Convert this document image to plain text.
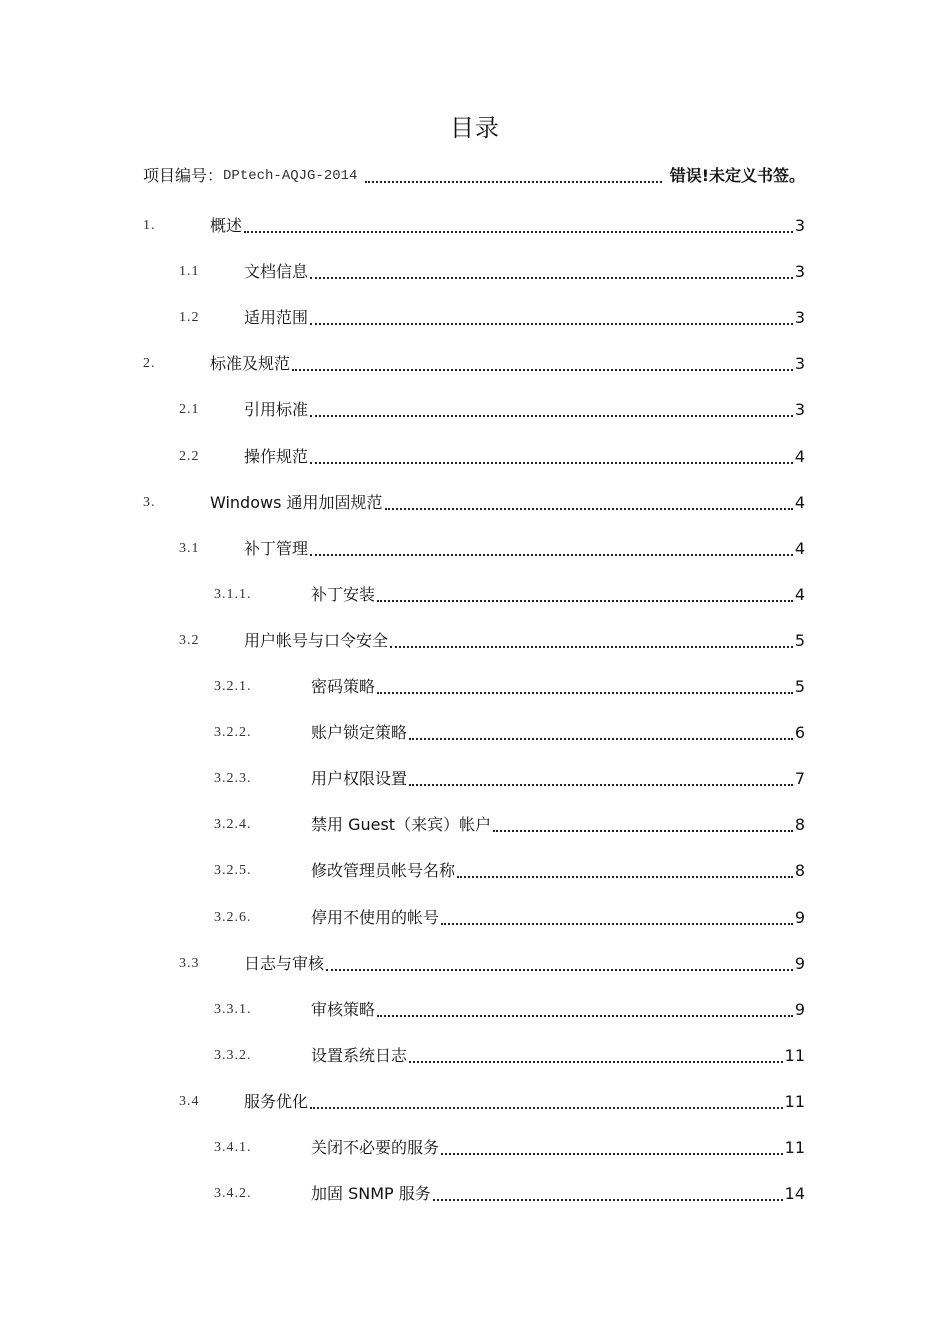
目录
项目编号： DPtech-AQJG-2014	错误!未定义书签。
1.	概述	3
1.1	文档信息	3
1.2	适用范围	3
2.	标准及规范	3
2.1	引用标准	3
2.2	操作规范	4
3.	Windows 通用加固规范	4
3.1	补丁管理	4
3.1.1.	补丁安装	4
3.2	用户帐号与口令安全	5
3.2.1.	密码策略	5
3.2.2.	账户锁定策略	6
3.2.3.	用户权限设置	7
3.2.4.	禁用 Guest（来宾）帐户	8
3.2.5.	修改管理员帐号名称	8
3.2.6.	停用不使用的帐号	9
3.3	日志与审核	9
3.3.1.	审核策略	9
3.3.2.	设置系统日志	11
3.4	服务优化	11
3.4.1.	关闭不必要的服务	11
3.4.2.	加固 SNMP 服务	14
